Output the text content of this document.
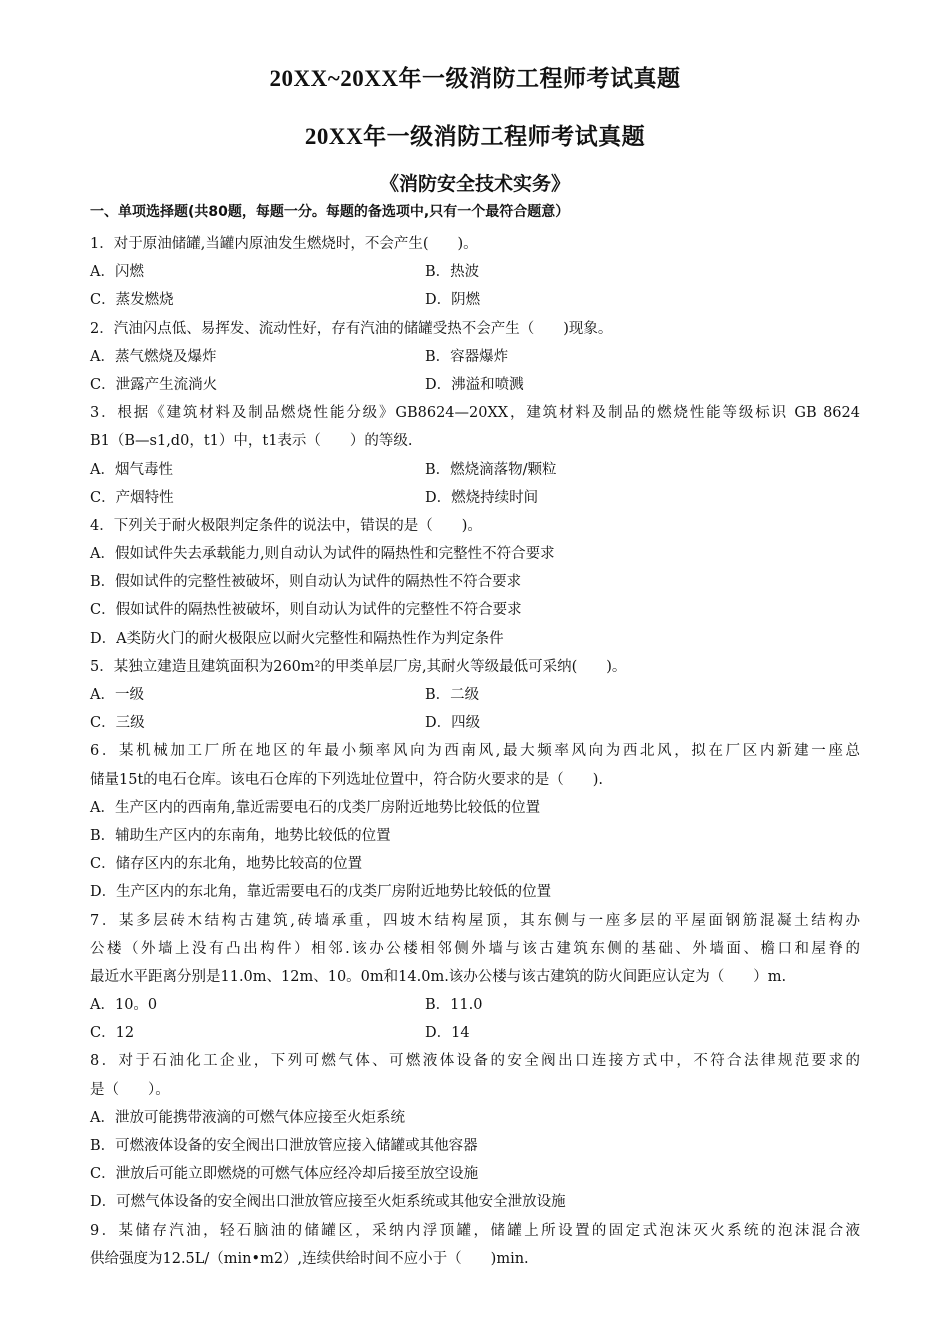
20XX~20XX年一级消防工程师考试真题
20XX年一级消防工程师考试真题
《消防安全技术实务》
一、单项选择题(共80题，每题一分。每题的备选项中,只有一个最符合题意）
1．对于原油储罐,当罐内原油发生燃烧时，不会产生(　　)。
A．闪燃	B．热波
C．蒸发燃烧	D．阴燃
2．汽油闪点低、易挥发、流动性好，存有汽油的储罐受热不会产生（　　)现象。
A．蒸气燃烧及爆炸	B．容器爆炸
C．泄露产生流淌火	D．沸溢和喷溅
3．根据《建筑材料及制品燃烧性能分级》GB8624—20XX，建筑材料及制品的燃烧性能等级标识 GB 8624
B1（B—s1,d0，t1）中，t1表示（　　）的等级.
A．烟气毒性	B．燃烧滴落物/颗粒
C．产烟特性	D．燃烧持续时间
4．下列关于耐火极限判定条件的说法中，错误的是（　　)。
A．假如试件失去承载能力,则自动认为试件的隔热性和完整性不符合要求
B．假如试件的完整性被破坏，则自动认为试件的隔热性不符合要求
C．假如试件的隔热性被破坏，则自动认为试件的完整性不符合要求
D．A类防火门的耐火极限应以耐火完整性和隔热性作为判定条件
5．某独立建造且建筑面积为260m²的甲类单层厂房,其耐火等级最低可采纳(　　)。
A．一级	B．二级
C．三级	D．四级
6．某机械加工厂所在地区的年最小频率风向为西南风,最大频率风向为西北风，拟在厂区内新建一座总
储量15t的电石仓库。该电石仓库的下列选址位置中，符合防火要求的是（　　).
A．生产区内的西南角,靠近需要电石的戊类厂房附近地势比较低的位置
B．辅助生产区内的东南角，地势比较低的位置
C．储存区内的东北角，地势比较高的位置
D．生产区内的东北角，靠近需要电石的戊类厂房附近地势比较低的位置
7．某多层砖木结构古建筑,砖墙承重，四坡木结构屋顶，其东侧与一座多层的平屋面钢筋混凝土结构办
公楼（外墙上没有凸出构件）相邻.该办公楼相邻侧外墙与该古建筑东侧的基础、外墙面、檐口和屋脊的
最近水平距离分别是11.0m、12m、10。0m和14.0m.该办公楼与该古建筑的防火间距应认定为（　　）m.
A．10。0	B．11.0
C．12	D．14
8．对于石油化工企业，下列可燃气体、可燃液体设备的安全阀出口连接方式中，不符合法律规范要求的
是（　　）。
A．泄放可能携带液滴的可燃气体应接至火炬系统
B．可燃液体设备的安全阀出口泄放管应接入储罐或其他容器
C．泄放后可能立即燃烧的可燃气体应经冷却后接至放空设施
D．可燃气体设备的安全阀出口泄放管应接至火炬系统或其他安全泄放设施
9．某储存汽油，轻石脑油的储罐区，采纳内浮顶罐，储罐上所设置的固定式泡沫灭火系统的泡沫混合液
供给强度为12.5L/（min•m2）,连续供给时间不应小于（　　)min.
